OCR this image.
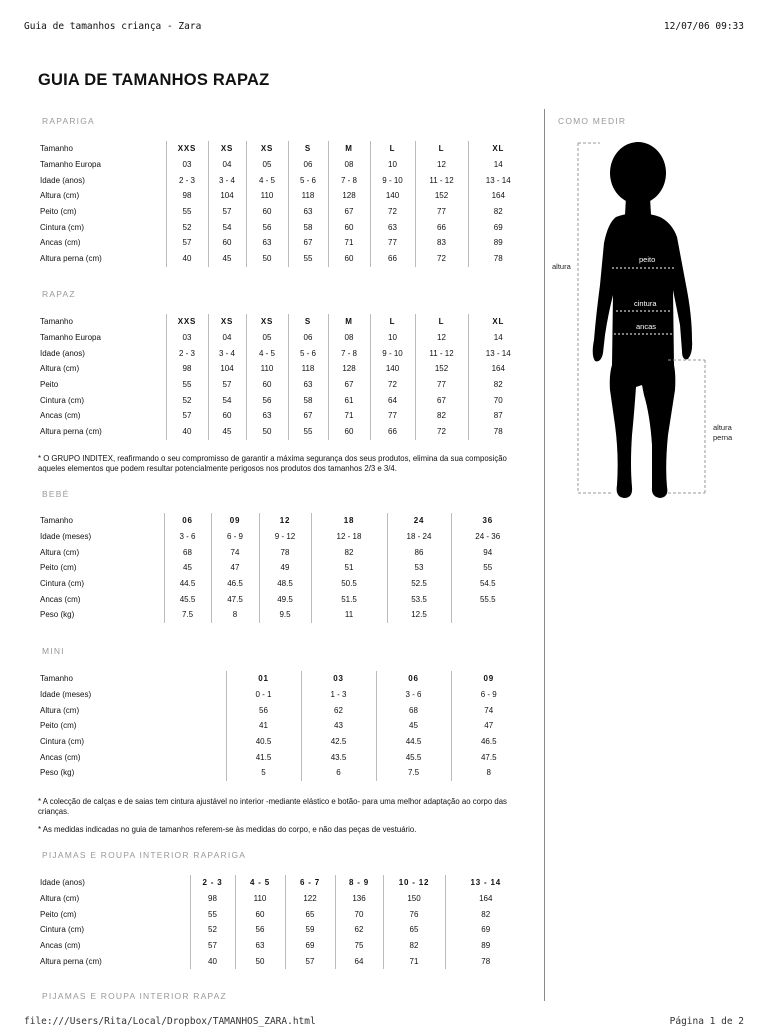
Guia de tamanhos criança - Zara	12/07/06 09:33
GUIA DE TAMANHOS RAPAZ
RAPARIGA
Tamanho	XXS	XS	XS	S	M	L	L	XL
Tamanho Europa	03	04	05	06	08	10	12	14
Idade (anos)	2 - 3	3 - 4	4 - 5	5 - 6	7 - 8	9 - 10	11 - 12	13 - 14
Altura (cm)	98	104	110	118	128	140	152	164
Peito (cm)	55	57	60	63	67	72	77	82
Cintura (cm)	52	54	56	58	60	63	66	69
Ancas (cm)	57	60	63	67	71	77	83	89
Altura perna (cm)	40	45	50	55	60	66	72	78
RAPAZ
Tamanho	XXS	XS	XS	S	M	L	L	XL
Tamanho Europa	03	04	05	06	08	10	12	14
Idade (anos)	2 - 3	3 - 4	4 - 5	5 - 6	7 - 8	9 - 10	11 - 12	13 - 14
Altura (cm)	98	104	110	118	128	140	152	164
Peito	55	57	60	63	67	72	77	82
Cintura (cm)	52	54	56	58	61	64	67	70
Ancas (cm)	57	60	63	67	71	77	82	87
Altura perna (cm)	40	45	50	55	60	66	72	78
* O GRUPO INDITEX, reafirmando o seu compromisso de garantir a máxima segurança dos seus produtos, elimina da sua composição aqueles elementos que podem resultar potencialmente perigosos nos produtos dos tamanhos 2/3 e 3/4.
BEBÉ
Tamanho	06	09	12	18	24	36
Idade (meses)	3 - 6	6 - 9	9 - 12	12 - 18	18 - 24	24 - 36
Altura (cm)	68	74	78	82	86	94
Peito (cm)	45	47	49	51	53	55
Cintura (cm)	44.5	46.5	48.5	50.5	52.5	54.5
Ancas (cm)	45.5	47.5	49.5	51.5	53.5	55.5
Peso (kg)	7.5	8	9.5	11	12.5	
MINI
Tamanho	01	03	06	09
Idade (meses)	0 - 1	1 - 3	3 - 6	6 - 9
Altura (cm)	56	62	68	74
Peito (cm)	41	43	45	47
Cintura (cm)	40.5	42.5	44.5	46.5
Ancas (cm)	41.5	43.5	45.5	47.5
Peso (kg)	5	6	7.5	8
* A colecção de calças e de saias tem cintura ajustável no interior -mediante elástico e botão- para uma melhor adaptação ao corpo das crianças.
* As medidas indicadas no guia de tamanhos referem-se às medidas do corpo, e não das peças de vestuário.
PIJAMAS E ROUPA INTERIOR RAPARIGA
Idade (anos)	2 - 3	4 - 5	6 - 7	8 - 9	10 - 12	13 - 14
Altura (cm)	98	110	122	136	150	164
Peito (cm)	55	60	65	70	76	82
Cintura (cm)	52	56	59	62	65	69
Ancas (cm)	57	63	69	75	82	89
Altura perna (cm)	40	50	57	64	71	78
PIJAMAS E ROUPA INTERIOR RAPAZ
COMO MEDIR
peito
cintura
ancas
altura
altura
perna
file:///Users/Rita/Local/Dropbox/TAMANHOS_ZARA.html	Página 1 de 2
